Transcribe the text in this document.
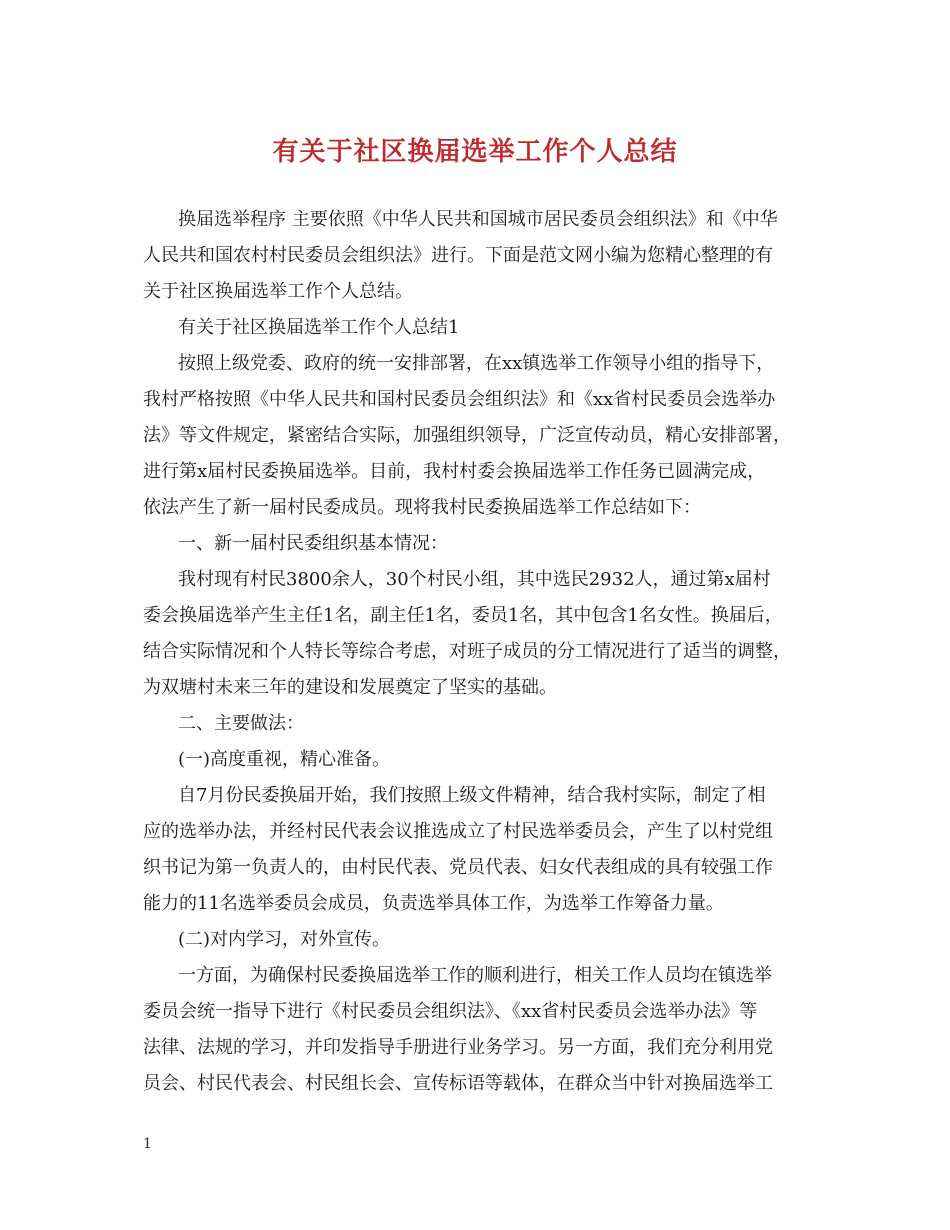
有关于社区换届选举工作个人总结

换届选举程序 主要依照《中华人民共和国城市居民委员会组织法》和《中华

人民共和国农村村民委员会组织法》进行。下面是范文网小编为您精心整理的有

关于社区换届选举工作个人总结。

有关于社区换届选举工作个人总结1

按照上级党委、政府的统一安排部署，在xx镇选举工作领导小组的指导下，

我村严格按照《中华人民共和国村民委员会组织法》和《xx省村民委员会选举办

法》等文件规定，紧密结合实际，加强组织领导，广泛宣传动员，精心安排部署，

进行第x届村民委换届选举。目前，我村村委会换届选举工作任务已圆满完成，

依法产生了新一届村民委成员。现将我村民委换届选举工作总结如下：

一、新一届村民委组织基本情况：

我村现有村民3800余人，30个村民小组，其中选民2932人，通过第x届村

委会换届选举产生主任1名，副主任1名，委员1名，其中包含1名女性。换届后，

结合实际情况和个人特长等综合考虑，对班子成员的分工情况进行了适当的调整，

为双塘村未来三年的建设和发展奠定了坚实的基础。

二、主要做法：

(一)高度重视，精心准备。

自7月份民委换届开始，我们按照上级文件精神，结合我村实际，制定了相

应的选举办法，并经村民代表会议推选成立了村民选举委员会，产生了以村党组

织书记为第一负责人的，由村民代表、党员代表、妇女代表组成的具有较强工作

能力的11名选举委员会成员，负责选举具体工作，为选举工作筹备力量。

(二)对内学习，对外宣传。

一方面，为确保村民委换届选举工作的顺利进行，相关工作人员均在镇选举

委员会统一指导下进行《村民委员会组织法》、《xx省村民委员会选举办法》等

法律、法规的学习，并印发指导手册进行业务学习。另一方面，我们充分利用党

员会、村民代表会、村民组长会、宣传标语等载体，在群众当中针对换届选举工

1
